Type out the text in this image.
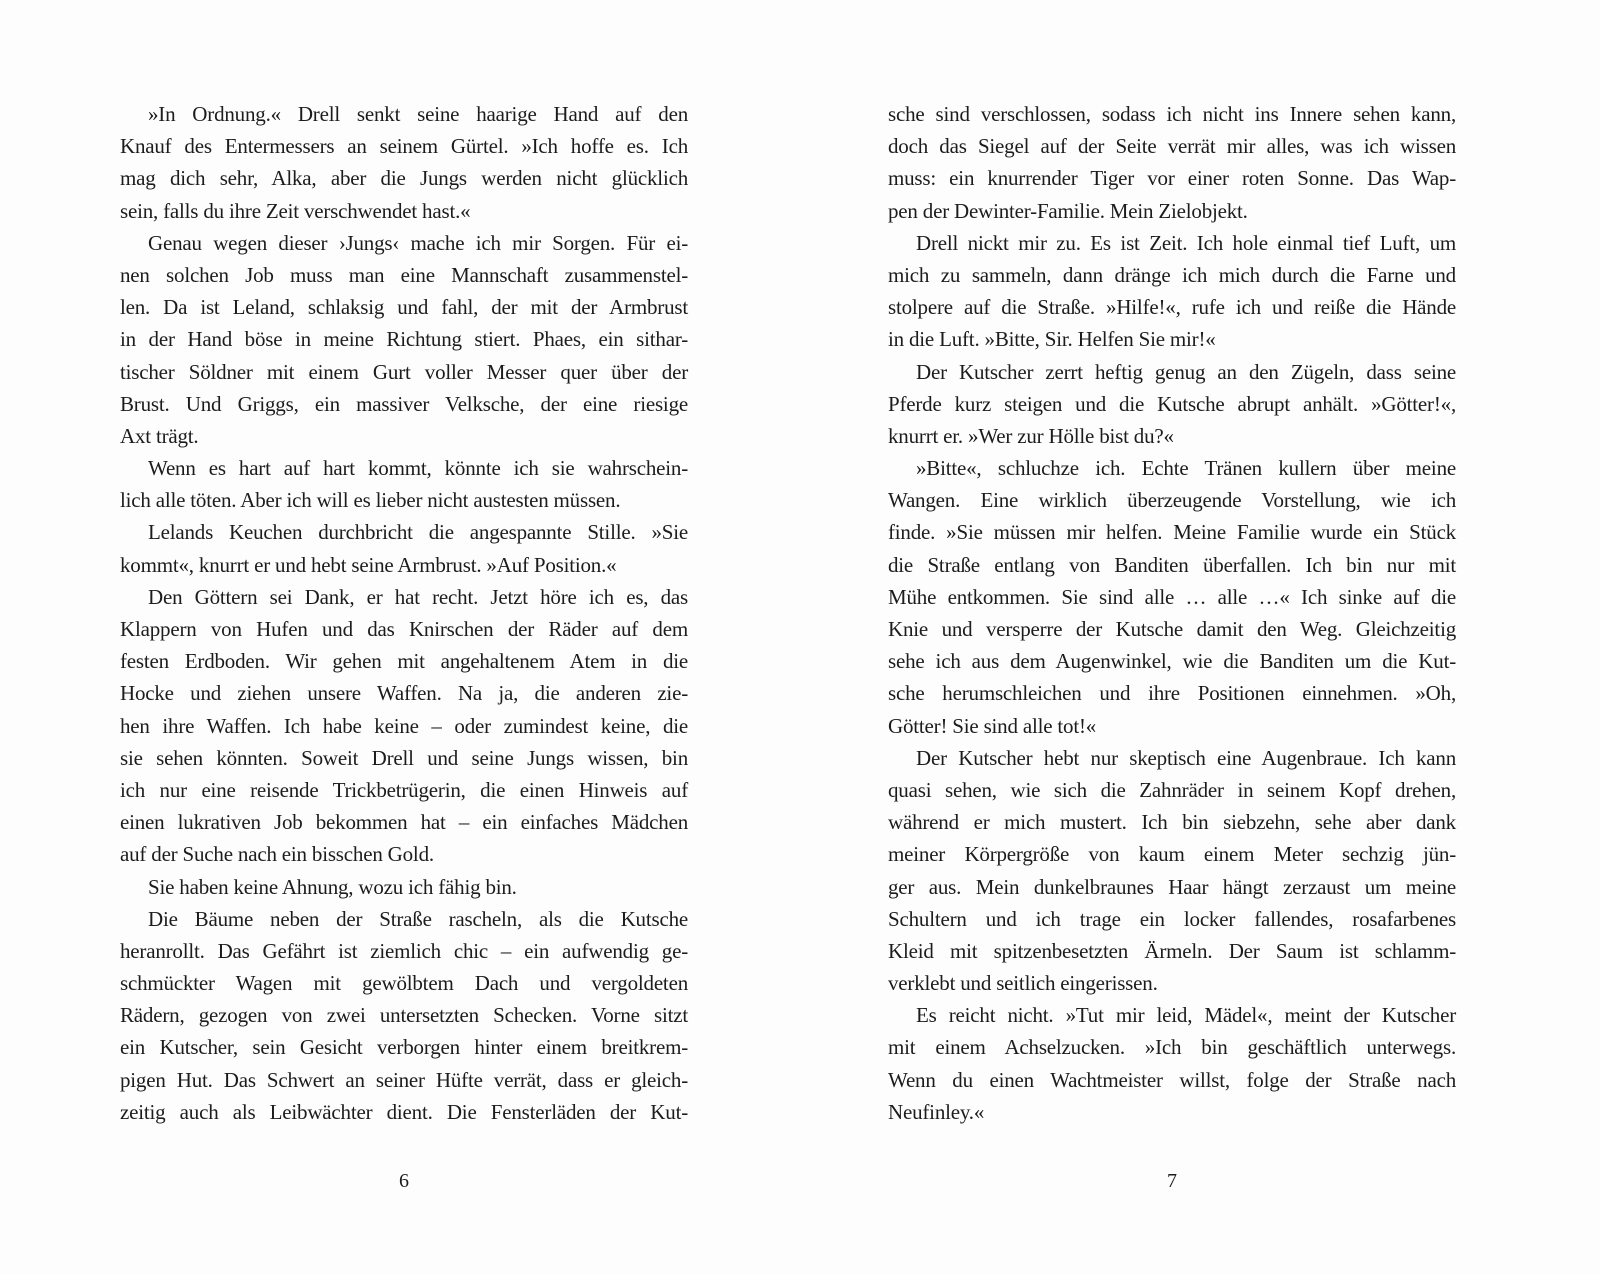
»In Ordnung.« Drell senkt seine haarige Hand auf den
Knauf des Entermessers an seinem Gürtel. »Ich hoffe es. Ich
mag dich sehr, Alka, aber die Jungs werden nicht glücklich
sein, falls du ihre Zeit verschwendet hast.«
Genau wegen dieser ›Jungs‹ mache ich mir Sorgen. Für ei-
nen solchen Job muss man eine Mannschaft zusammenstel-
len. Da ist Leland, schlaksig und fahl, der mit der Armbrust
in der Hand böse in meine Richtung stiert. Phaes, ein sithar-
tischer Söldner mit einem Gurt voller Messer quer über der
Brust. Und Griggs, ein massiver Velksche, der eine riesige
Axt trägt.
Wenn es hart auf hart kommt, könnte ich sie wahrschein-
lich alle töten. Aber ich will es lieber nicht austesten müssen.
Lelands Keuchen durchbricht die angespannte Stille. »Sie
kommt«, knurrt er und hebt seine Armbrust. »Auf Position.«
Den Göttern sei Dank, er hat recht. Jetzt höre ich es, das
Klappern von Hufen und das Knirschen der Räder auf dem
festen Erdboden. Wir gehen mit angehaltenem Atem in die
Hocke und ziehen unsere Waffen. Na ja, die anderen zie-
hen ihre Waffen. Ich habe keine – oder zumindest keine, die
sie sehen könnten. Soweit Drell und seine Jungs wissen, bin
ich nur eine reisende Trickbetrügerin, die einen Hinweis auf
einen lukrativen Job bekommen hat – ein einfaches Mädchen
auf der Suche nach ein bisschen Gold.
Sie haben keine Ahnung, wozu ich fähig bin.
Die Bäume neben der Straße rascheln, als die Kutsche
heranrollt. Das Gefährt ist ziemlich chic – ein aufwendig ge-
schmückter Wagen mit gewölbtem Dach und vergoldeten
Rädern, gezogen von zwei untersetzten Schecken. Vorne sitzt
ein Kutscher, sein Gesicht verborgen hinter einem breitkrem-
pigen Hut. Das Schwert an seiner Hüfte verrät, dass er gleich-
zeitig auch als Leibwächter dient. Die Fensterläden der Kut-
6
sche sind verschlossen, sodass ich nicht ins Innere sehen kann,
doch das Siegel auf der Seite verrät mir alles, was ich wissen
muss: ein knurrender Tiger vor einer roten Sonne. Das Wap-
pen der Dewinter-Familie. Mein Zielobjekt.
Drell nickt mir zu. Es ist Zeit. Ich hole einmal tief Luft, um
mich zu sammeln, dann dränge ich mich durch die Farne und
stolpere auf die Straße. »Hilfe!«, rufe ich und reiße die Hände
in die Luft. »Bitte, Sir. Helfen Sie mir!«
Der Kutscher zerrt heftig genug an den Zügeln, dass seine
Pferde kurz steigen und die Kutsche abrupt anhält. »Götter!«,
knurrt er. »Wer zur Hölle bist du?«
»Bitte«, schluchze ich. Echte Tränen kullern über meine
Wangen. Eine wirklich überzeugende Vorstellung, wie ich
finde. »Sie müssen mir helfen. Meine Familie wurde ein Stück
die Straße entlang von Banditen überfallen. Ich bin nur mit
Mühe entkommen. Sie sind alle … alle …« Ich sinke auf die
Knie und versperre der Kutsche damit den Weg. Gleichzeitig
sehe ich aus dem Augenwinkel, wie die Banditen um die Kut-
sche herumschleichen und ihre Positionen einnehmen. »Oh,
Götter! Sie sind alle tot!«
Der Kutscher hebt nur skeptisch eine Augenbraue. Ich kann
quasi sehen, wie sich die Zahnräder in seinem Kopf drehen,
während er mich mustert. Ich bin siebzehn, sehe aber dank
meiner Körpergröße von kaum einem Meter sechzig jün-
ger aus. Mein dunkelbraunes Haar hängt zerzaust um meine
Schultern und ich trage ein locker fallendes, rosafarbenes
Kleid mit spitzenbesetzten Ärmeln. Der Saum ist schlamm-
verklebt und seitlich eingerissen.
Es reicht nicht. »Tut mir leid, Mädel«, meint der Kutscher
mit einem Achselzucken. »Ich bin geschäftlich unterwegs.
Wenn du einen Wachtmeister willst, folge der Straße nach
Neufinley.«
7
